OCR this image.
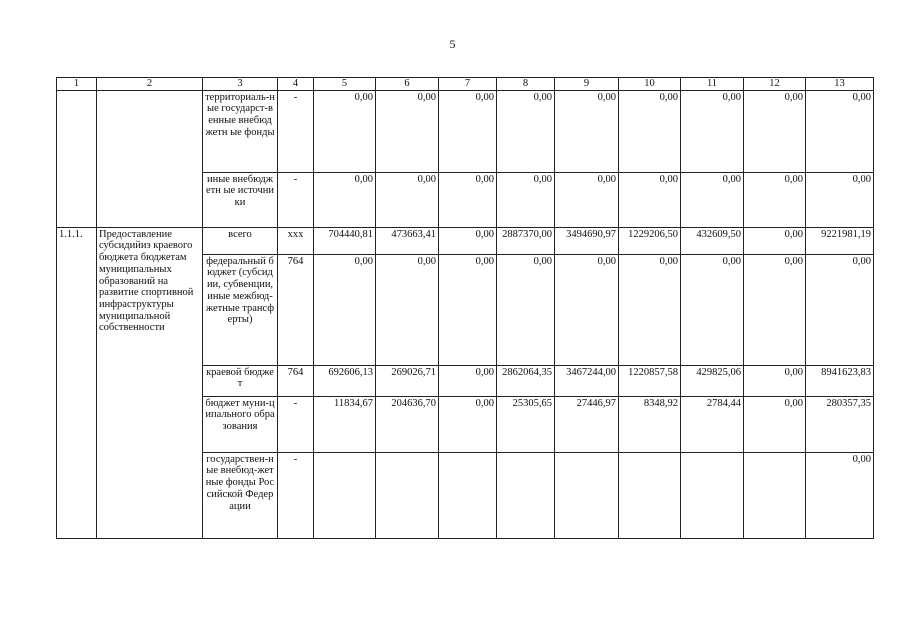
5
1	2	3	4	5	6	7	8	9	10	11	12	13
		территориаль-ные государст-венные внебюджетн ые фонды	-	0,00	0,00	0,00	0,00	0,00	0,00	0,00	0,00	0,00
		иные внебюджетн ые источники	-	0,00	0,00	0,00	0,00	0,00	0,00	0,00	0,00	0,00
1.1.1.	Предоставление субсидийиз краевого бюджета бюджетам муниципальных образований на развитие спортивной инфраструктуры муниципальной собственности	всего	ххх	704440,81	473663,41	0,00	2887370,00	3494690,97	1229206,50	432609,50	0,00	9221981,19
		федеральный бюджет (субсидии, субвенции, иные межбюд-жетные трансферты)	764	0,00	0,00	0,00	0,00	0,00	0,00	0,00	0,00	0,00
		краевой бюджет	764	692606,13	269026,71	0,00	2862064,35	3467244,00	1220857,58	429825,06	0,00	8941623,83
		бюджет муни-ципального образования	-	11834,67	204636,70	0,00	25305,65	27446,97	8348,92	2784,44	0,00	280357,35
		государствен-ные внебюд-жетные фонды Российской Федерации	-									0,00
